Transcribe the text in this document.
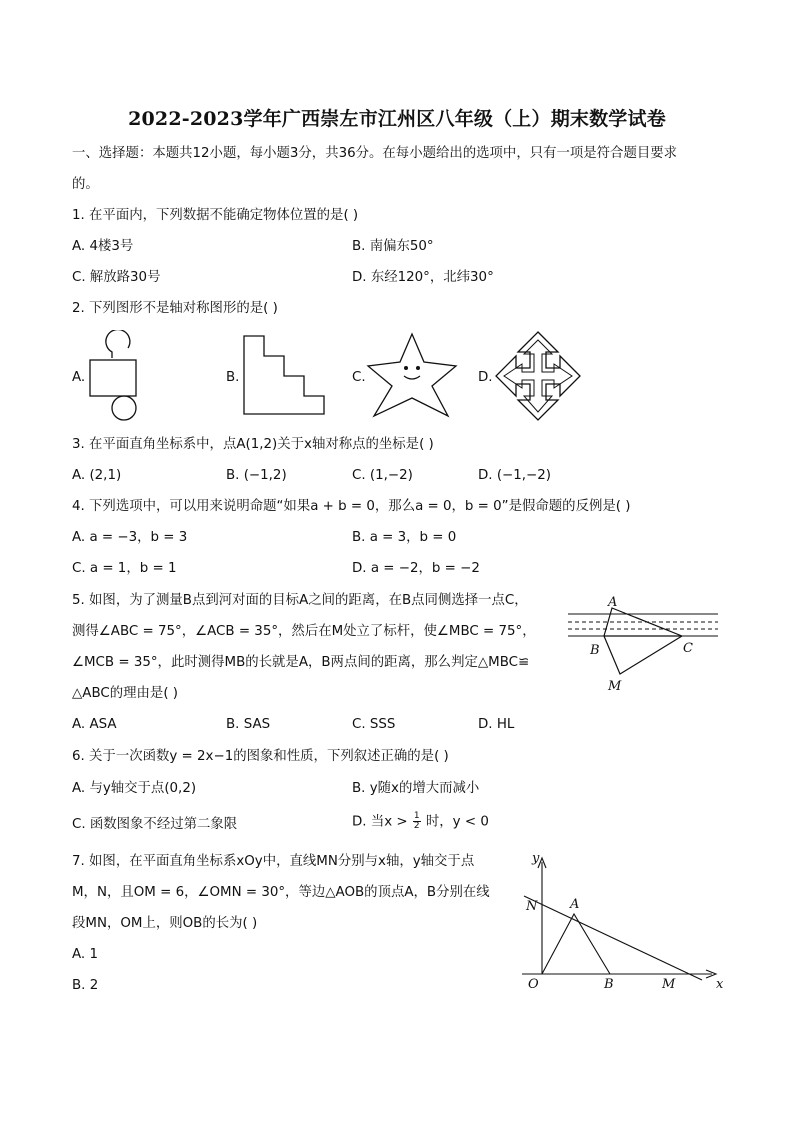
2022-2023学年广西崇左市江州区八年级（上）期末数学试卷
一、选择题：本题共12小题，每小题3分，共36分。在每小题给出的选项中，只有一项是符合题目要求
的。
1. 在平面内，下列数据不能确定物体位置的是( )
A. 4楼3号	B. 南偏东50°
C. 解放路30号	D. 东经120°，北纬30°
2. 下列图形不是轴对称图形的是( )
A.	B.	C.	D.
3. 在平面直角坐标系中，点A(1,2)关于x轴对称点的坐标是( )
A. (2,1)	B. (−1,2)	C. (1,−2)	D. (−1,−2)
4. 下列选项中，可以用来说明命题“如果a + b = 0，那么a = 0，b = 0”是假命题的反例是( )
A. a = −3，b = 3	B. a = 3，b = 0
C. a = 1，b = 1	D. a = −2，b = −2
5. 如图，为了测量B点到河对面的目标A之间的距离，在B点同侧选择一点C，
测得∠ABC = 75°，∠ACB = 35°，然后在M处立了标杆，使∠MBC = 75°，
∠MCB = 35°，此时测得MB的长就是A，B两点间的距离，那么判定△MBC≌
△ABC的理由是( )
A. ASA	B. SAS	C. SSS	D. HL
A
B	C
M
6. 关于一次函数y = 2x−1的图象和性质，下列叙述正确的是( )
A. 与y轴交于点(0,2)	B. y随x的增大而减小
C. 函数图象不经过第二象限	D. 当$x > \frac{1}{2}$ 时，y < 0
7. 如图，在平面直角坐标系xOy中，直线MN分别与x轴，y轴交于点
M，N，且OM = 6，∠OMN = 30°，等边△AOB的顶点A，B分别在线
段MN，OM上，则OB的长为( )
A. 1
B. 2
y
x
N	A
O	B	M
